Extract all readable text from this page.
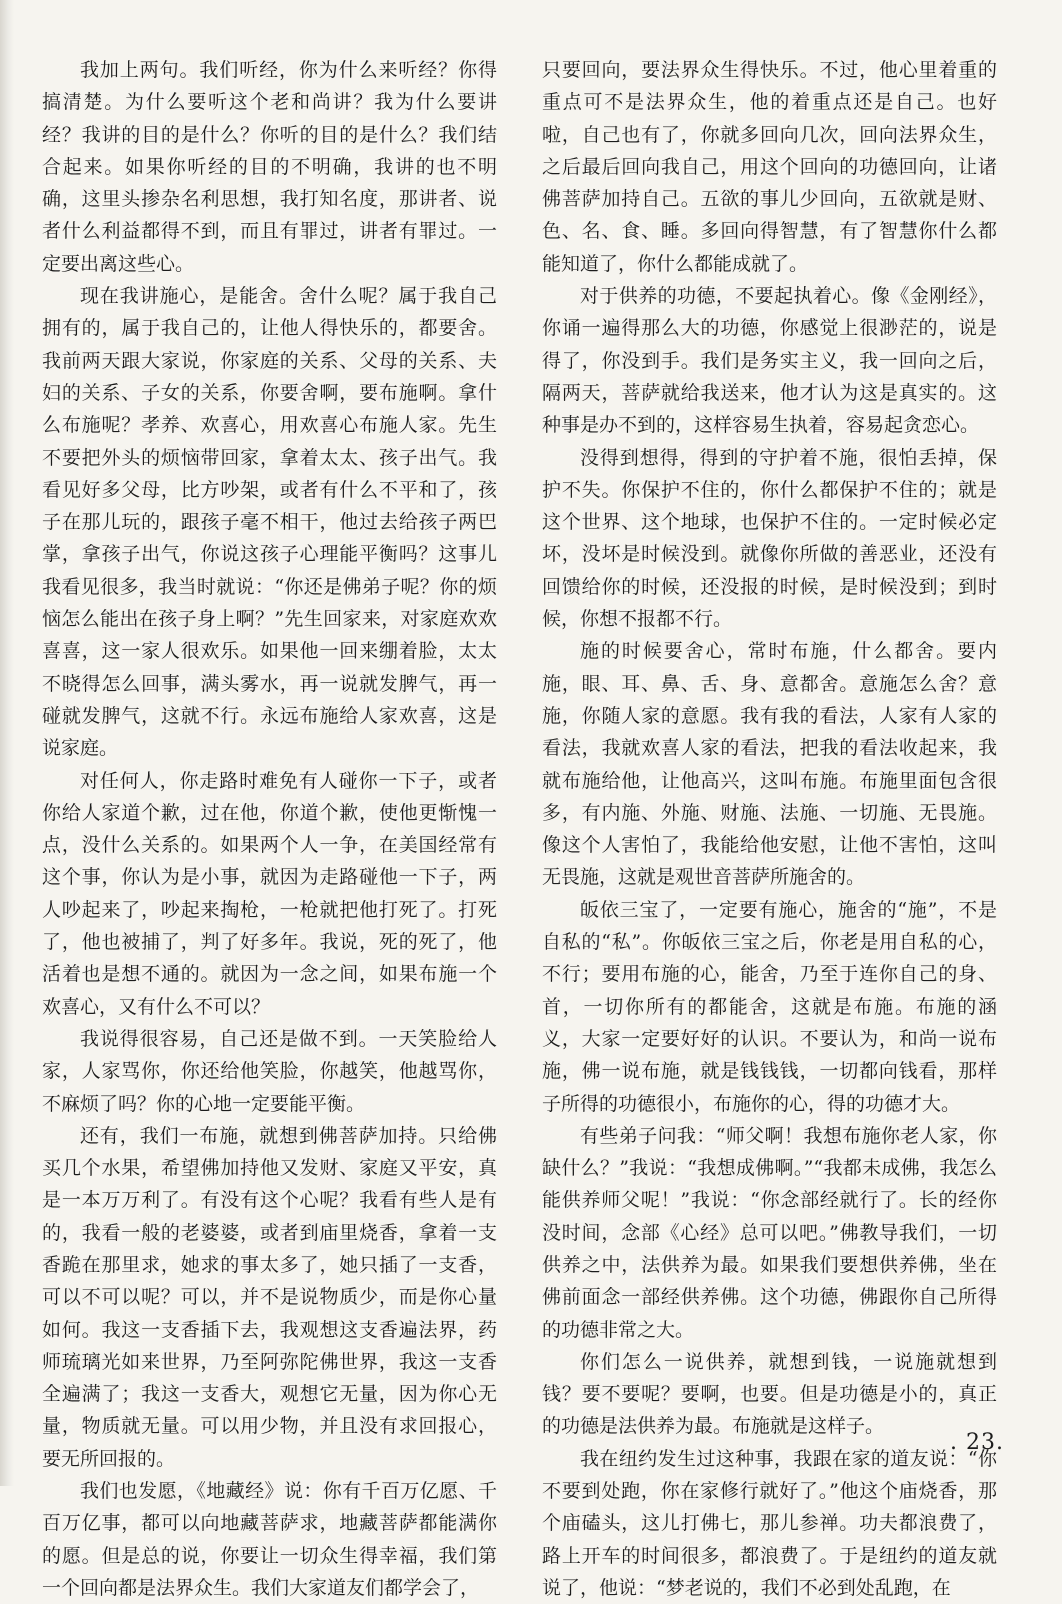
我加上两句。我们听经，你为什么来听经？你得搞清楚。为什么要听这个老和尚讲？我为什么要讲经？我讲的目的是什么？你听的目的是什么？我们结合起来。如果你听经的目的不明确，我讲的也不明确，这里头掺杂名利思想，我打知名度，那讲者、说者什么利益都得不到，而且有罪过，讲者有罪过。一定要出离这些心。

现在我讲施心，是能舍。舍什么呢？属于我自己拥有的，属于我自己的，让他人得快乐的，都要舍。我前两天跟大家说，你家庭的关系、父母的关系、夫妇的关系、子女的关系，你要舍啊，要布施啊。拿什么布施呢？孝养、欢喜心，用欢喜心布施人家。先生不要把外头的烦恼带回家，拿着太太、孩子出气。我看见好多父母，比方吵架，或者有什么不平和了，孩子在那儿玩的，跟孩子毫不相干，他过去给孩子两巴掌，拿孩子出气，你说这孩子心理能平衡吗？这事儿我看见很多，我当时就说：“你还是佛弟子呢？你的烦恼怎么能出在孩子身上啊？”先生回家来，对家庭欢欢喜喜，这一家人很欢乐。如果他一回来绷着脸，太太不晓得怎么回事，满头雾水，再一说就发脾气，再一碰就发脾气，这就不行。永远布施给人家欢喜，这是说家庭。

对任何人，你走路时难免有人碰你一下子，或者你给人家道个歉，过在他，你道个歉，使他更惭愧一点，没什么关系的。如果两个人一争，在美国经常有这个事，你认为是小事，就因为走路碰他一下子，两人吵起来了，吵起来掏枪，一枪就把他打死了。打死了，他也被捕了，判了好多年。我说，死的死了，他活着也是想不通的。就因为一念之间，如果布施一个欢喜心，又有什么不可以？

我说得很容易，自己还是做不到。一天笑脸给人家，人家骂你，你还给他笑脸，你越笑，他越骂你，不麻烦了吗？你的心地一定要能平衡。

还有，我们一布施，就想到佛菩萨加持。只给佛买几个水果，希望佛加持他又发财、家庭又平安，真是一本万万利了。有没有这个心呢？我看有些人是有的，我看一般的老婆婆，或者到庙里烧香，拿着一支香跪在那里求，她求的事太多了，她只插了一支香，可以不可以呢？可以，并不是说物质少，而是你心量如何。我这一支香插下去，我观想这支香遍法界，药师琉璃光如来世界，乃至阿弥陀佛世界，我这一支香全遍满了；我这一支香大，观想它无量，因为你心无量，物质就无量。可以用少物，并且没有求回报心，要无所回报的。

我们也发愿，《地藏经》说：你有千百万亿愿、千百万亿事，都可以向地藏菩萨求，地藏菩萨都能满你的愿。但是总的说，你要让一切众生得幸福，我们第一个回向都是法界众生。我们大家道友们都学会了，

只要回向，要法界众生得快乐。不过，他心里着重的重点可不是法界众生，他的着重点还是自己。也好啦，自己也有了，你就多回向几次，回向法界众生，之后最后回向我自己，用这个回向的功德回向，让诸佛菩萨加持自己。五欲的事儿少回向，五欲就是财、色、名、食、睡。多回向得智慧，有了智慧你什么都能知道了，你什么都能成就了。

对于供养的功德，不要起执着心。像《金刚经》，你诵一遍得那么大的功德，你感觉上很渺茫的，说是得了，你没到手。我们是务实主义，我一回向之后，隔两天，菩萨就给我送来，他才认为这是真实的。这种事是办不到的，这样容易生执着，容易起贪恋心。

没得到想得，得到的守护着不施，很怕丢掉，保护不失。你保护不住的，你什么都保护不住的；就是这个世界、这个地球，也保护不住的。一定时候必定坏，没坏是时候没到。就像你所做的善恶业，还没有回馈给你的时候，还没报的时候，是时候没到；到时候，你想不报都不行。

施的时候要舍心，常时布施，什么都舍。要内施，眼、耳、鼻、舌、身、意都舍。意施怎么舍？意施，你随人家的意愿。我有我的看法，人家有人家的看法，我就欢喜人家的看法，把我的看法收起来，我就布施给他，让他高兴，这叫布施。布施里面包含很多，有内施、外施、财施、法施、一切施、无畏施。像这个人害怕了，我能给他安慰，让他不害怕，这叫无畏施，这就是观世音菩萨所施舍的。

皈依三宝了，一定要有施心，施舍的“施”，不是自私的“私”。你皈依三宝之后，你老是用自私的心，不行；要用布施的心，能舍，乃至于连你自己的身、首，一切你所有的都能舍，这就是布施。布施的涵义，大家一定要好好的认识。不要认为，和尚一说布施，佛一说布施，就是钱钱钱，一切都向钱看，那样子所得的功德很小，布施你的心，得的功德才大。

有些弟子问我：“师父啊！我想布施你老人家，你缺什么？”我说：“我想成佛啊。”“我都未成佛，我怎么能供养师父呢！”我说：“你念部经就行了。长的经你没时间，念部《心经》总可以吧。”佛教导我们，一切供养之中，法供养为最。如果我们要想供养佛，坐在佛前面念一部经供养佛。这个功德，佛跟你自己所得的功德非常之大。

你们怎么一说供养，就想到钱，一说施就想到钱？要不要呢？要啊，也要。但是功德是小的，真正的功德是法供养为最。布施就是这样子。

我在纽约发生过这种事，我跟在家的道友说：“你不要到处跑，你在家修行就好了。”他这个庙烧香，那个庙磕头，这儿打佛七，那儿参禅。功夫都浪费了，路上开车的时间很多，都浪费了。于是纽约的道友就说了，他说：“梦老说的，我们不必到处乱跑，在

. 23.
